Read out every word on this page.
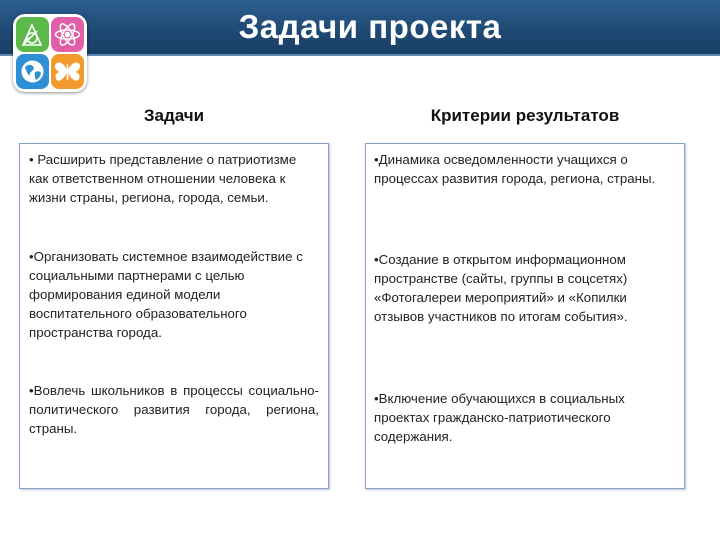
Задачи проекта
Задачи	Критерии результатов
• Расширить представление о патриотизме как ответственном отношении человека к жизни страны, региона, города, семьи.
•Организовать системное взаимодействие с социальными партнерами с целью формирования единой модели воспитательного образовательного пространства города.
•Вовлечь школьников в процессы социально-политического развития города, региона, страны.
•Динамика осведомленности учащихся о процессах развития города, региона, страны.
•Создание в открытом информационном пространстве (сайты, группы в соцсетях) «Фотогалереи мероприятий» и «Копилки отзывов участников по итогам события».
•Включение обучающихся в социальных проектах гражданско-патриотического содержания.
